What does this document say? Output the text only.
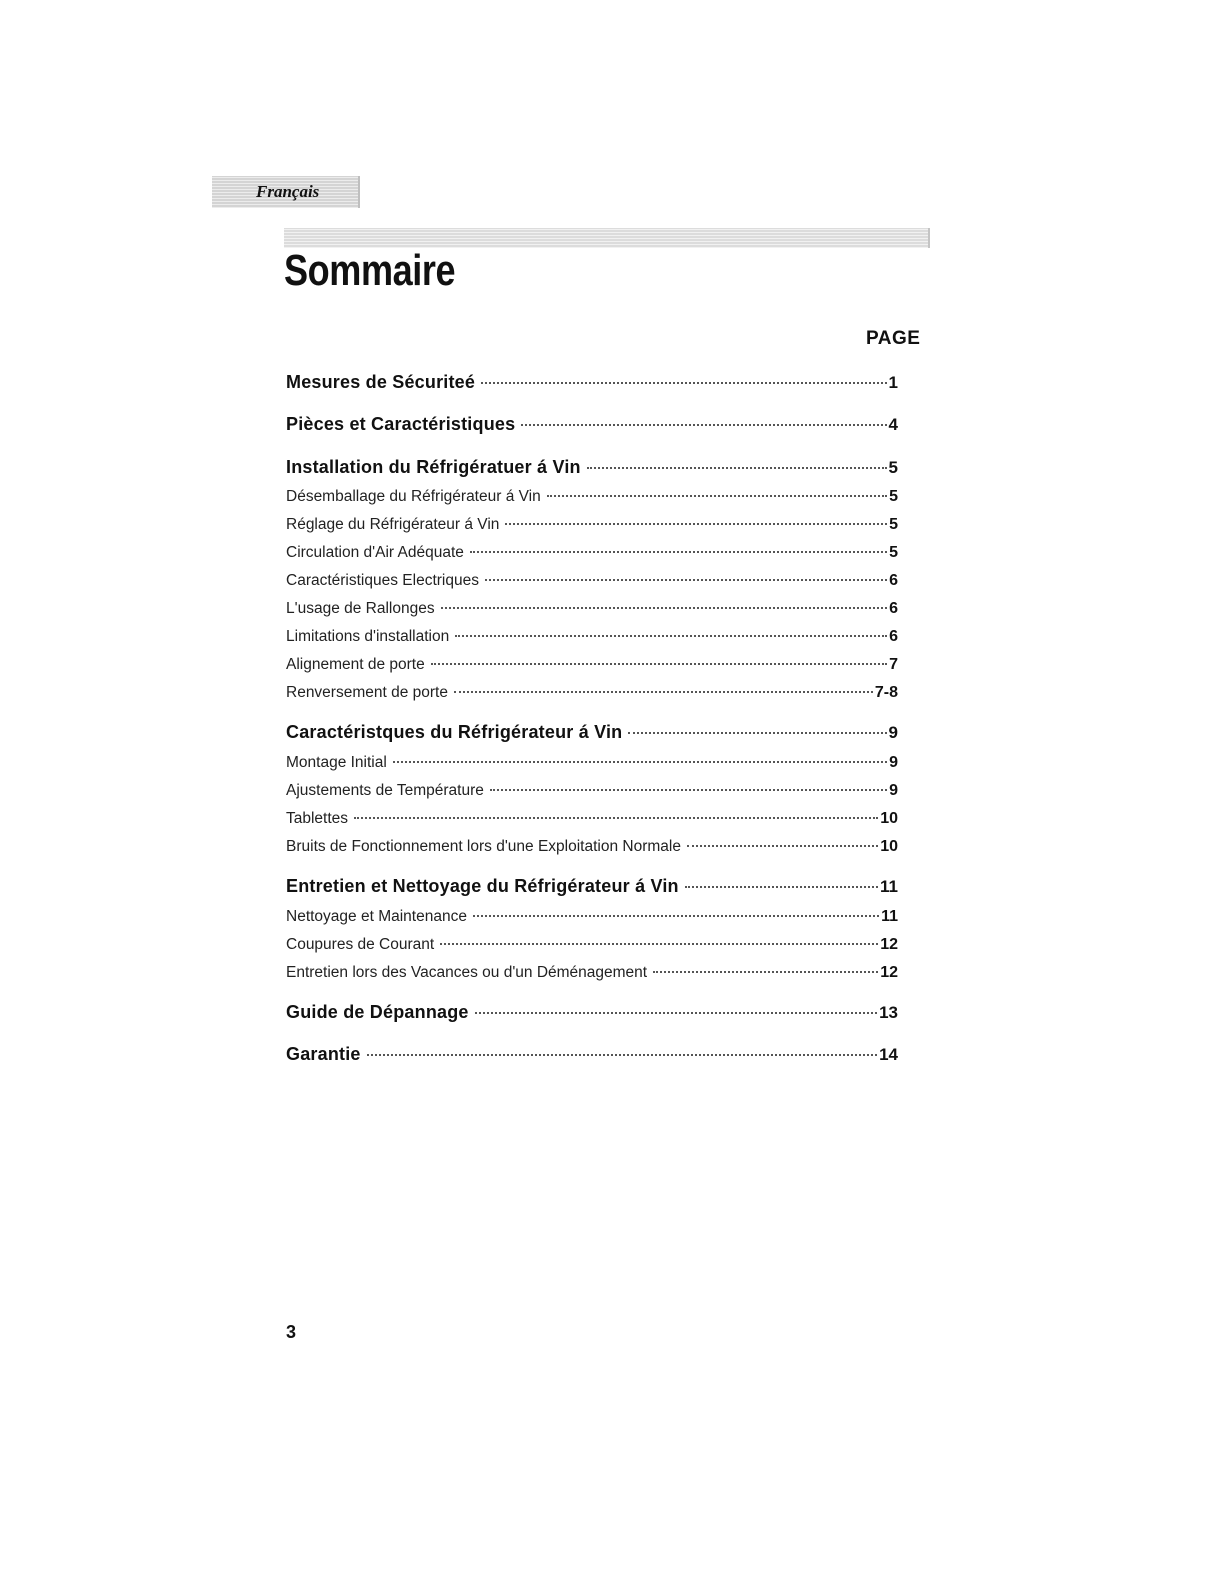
Français
Sommaire
PAGE
Mesures de Sécuriteé	1
Pièces et Caractéristiques	4
Installation du Réfrigératuer á Vin	5
Désemballage du Réfrigérateur á Vin	5
Réglage du Réfrigérateur á Vin	5
Circulation d'Air Adéquate	5
Caractéristiques Electriques	6
L'usage de Rallonges	6
Limitations d'installation	6
Alignement de porte	7
Renversement de porte	7-8
Caractéristques du Réfrigérateur á Vin	9
Montage Initial	9
Ajustements de Température	9
Tablettes	10
Bruits de Fonctionnement lors d'une Exploitation Normale	10
Entretien et Nettoyage du Réfrigérateur á Vin	11
Nettoyage et Maintenance	11
Coupures de Courant	12
Entretien lors des Vacances ou d'un Déménagement	12
Guide de Dépannage	13
Garantie	14
3
